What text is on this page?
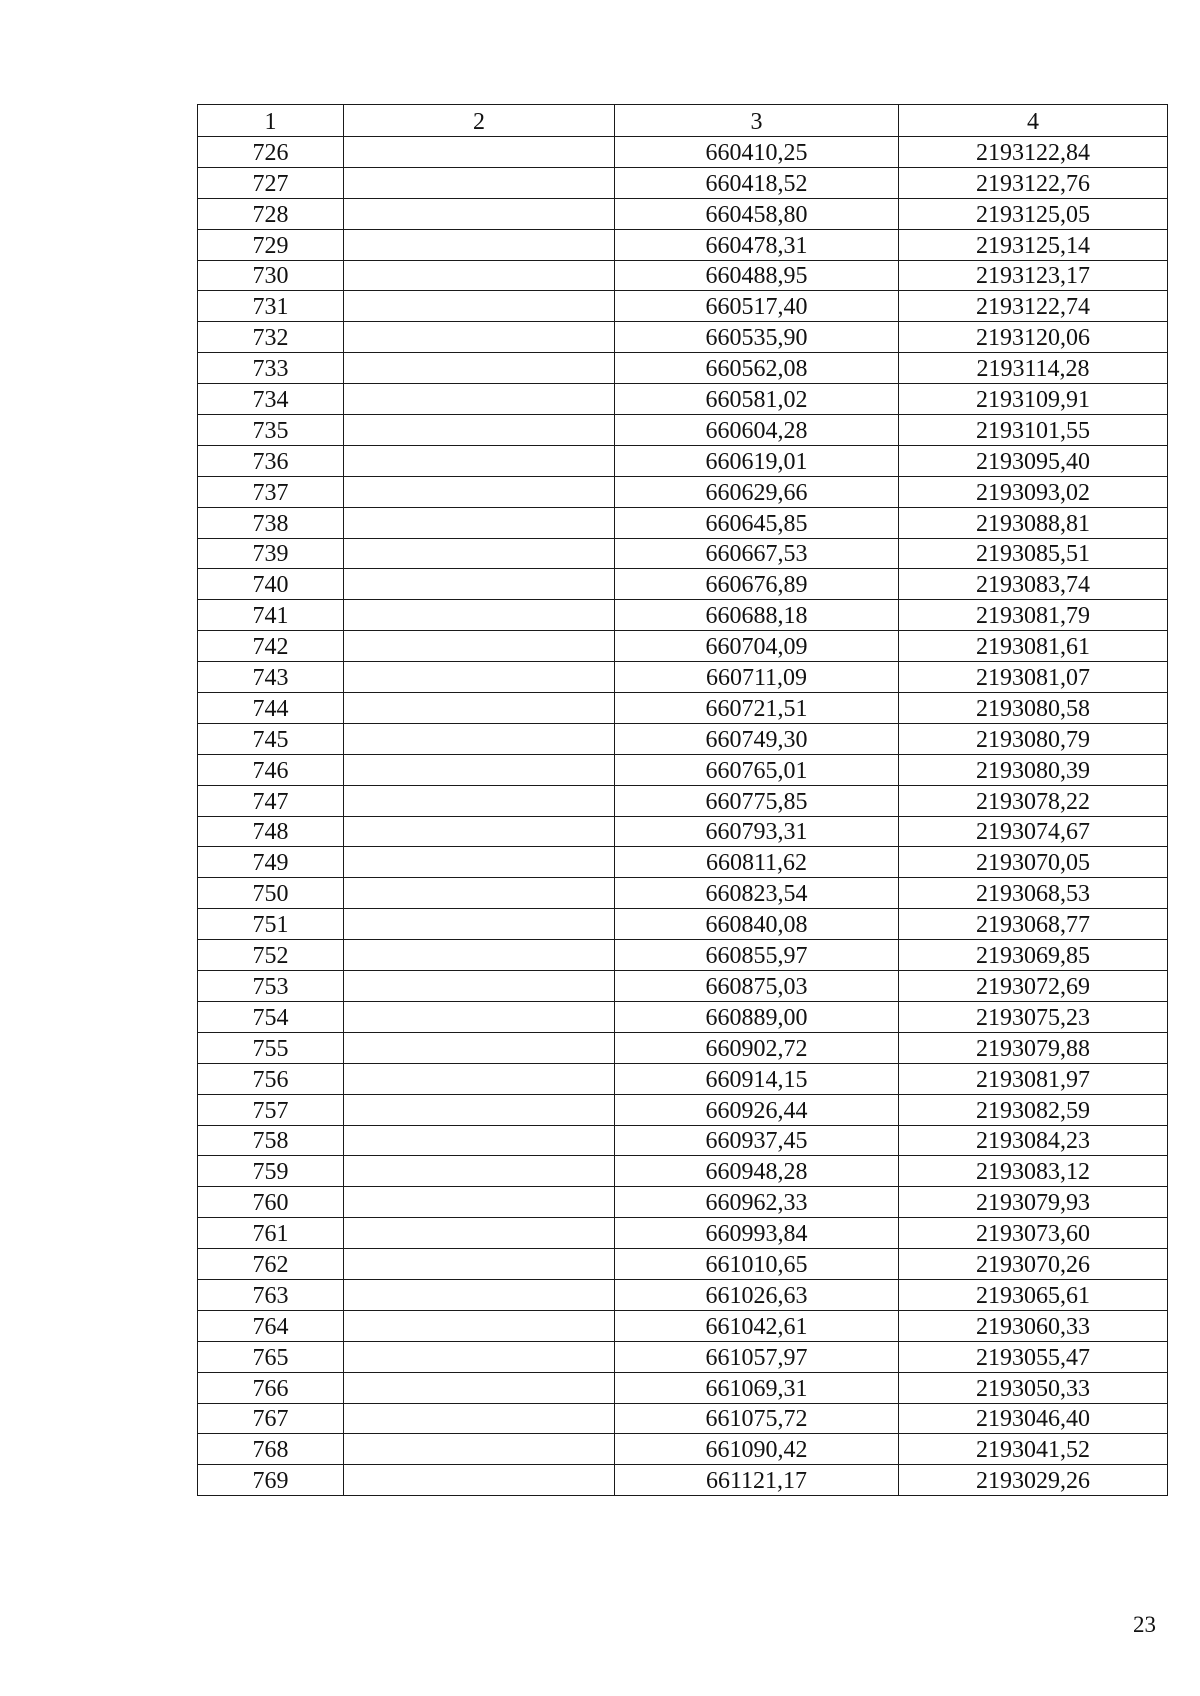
1	2	3	4
726		660410,25	2193122,84
727		660418,52	2193122,76
728		660458,80	2193125,05
729		660478,31	2193125,14
730		660488,95	2193123,17
731		660517,40	2193122,74
732		660535,90	2193120,06
733		660562,08	2193114,28
734		660581,02	2193109,91
735		660604,28	2193101,55
736		660619,01	2193095,40
737		660629,66	2193093,02
738		660645,85	2193088,81
739		660667,53	2193085,51
740		660676,89	2193083,74
741		660688,18	2193081,79
742		660704,09	2193081,61
743		660711,09	2193081,07
744		660721,51	2193080,58
745		660749,30	2193080,79
746		660765,01	2193080,39
747		660775,85	2193078,22
748		660793,31	2193074,67
749		660811,62	2193070,05
750		660823,54	2193068,53
751		660840,08	2193068,77
752		660855,97	2193069,85
753		660875,03	2193072,69
754		660889,00	2193075,23
755		660902,72	2193079,88
756		660914,15	2193081,97
757		660926,44	2193082,59
758		660937,45	2193084,23
759		660948,28	2193083,12
760		660962,33	2193079,93
761		660993,84	2193073,60
762		661010,65	2193070,26
763		661026,63	2193065,61
764		661042,61	2193060,33
765		661057,97	2193055,47
766		661069,31	2193050,33
767		661075,72	2193046,40
768		661090,42	2193041,52
769		661121,17	2193029,26
23
